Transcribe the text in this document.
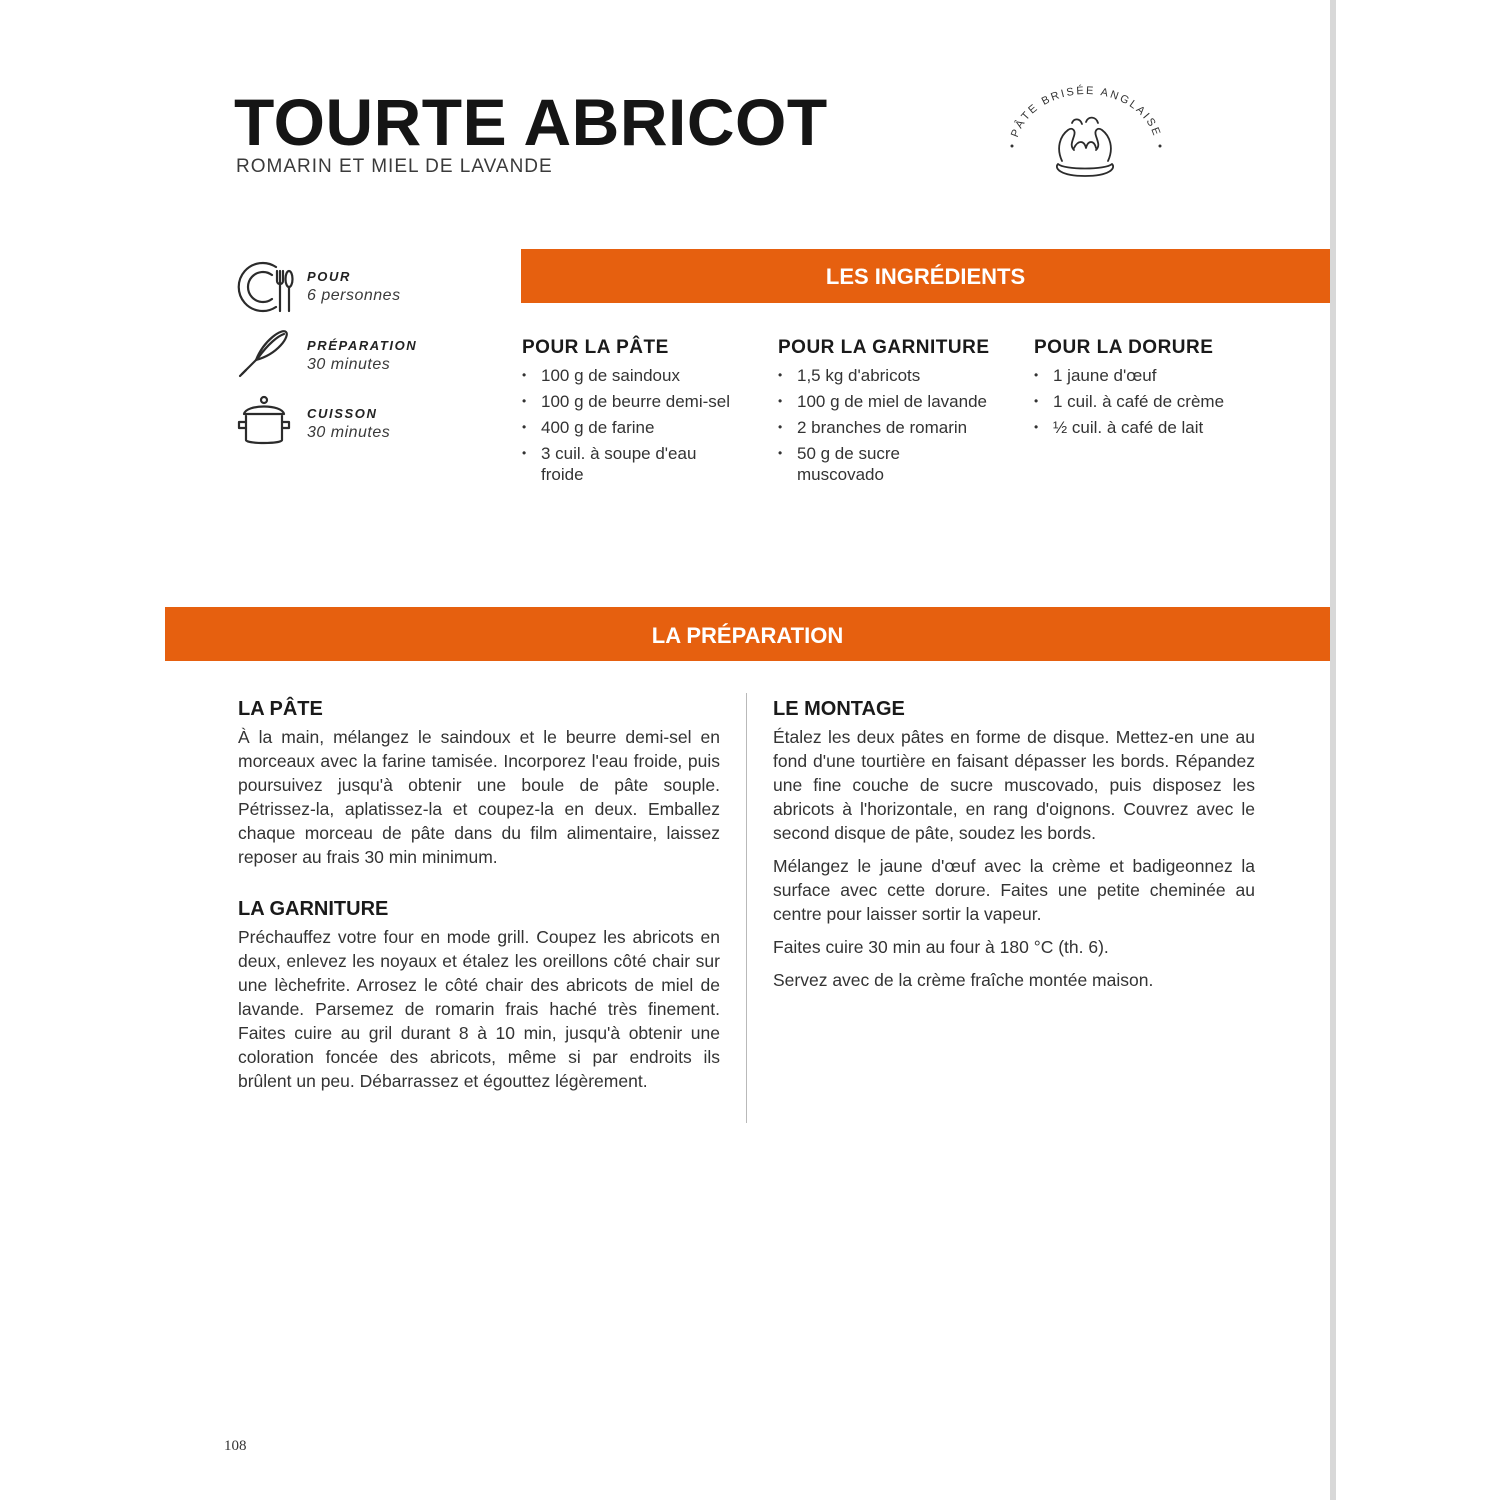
TOURTE ABRICOT

ROMARIN ET MIEL DE LAVANDE

PÂTE BRISÉE ANGLAISE
POUR
6 personnes
PRÉPARATION
30 minutes
CUISSON
30 minutes
LES INGRÉDIENTS
POUR LA PÂTE
• 100 g de saindoux
• 100 g de beurre demi-sel
• 400 g de farine
• 3 cuil. à soupe d'eau froide
POUR LA GARNITURE
• 1,5 kg d'abricots
• 100 g de miel de lavande
• 2 branches de romarin
• 50 g de sucre muscovado
POUR LA DORURE
• 1 jaune d'œuf
• 1 cuil. à café de crème
• ½ cuil. à café de lait
LA PRÉPARATION
LA PÂTE

À la main, mélangez le saindoux et le beurre demi-sel en morceaux avec la farine tamisée. Incorporez l'eau froide, puis poursuivez jusqu'à obtenir une boule de pâte souple. Pétrissez-la, aplatissez-la et coupez-la en deux. Emballez chaque morceau de pâte dans du film alimentaire, laissez reposer au frais 30 min minimum.

LA GARNITURE

Préchauffez votre four en mode grill. Coupez les abricots en deux, enlevez les noyaux et étalez les oreillons côté chair sur une lèchefrite. Arrosez le côté chair des abricots de miel de lavande. Parsemez de romarin frais haché très finement. Faites cuire au gril durant 8 à 10 min, jusqu'à obtenir une coloration foncée des abricots, même si par endroits ils brûlent un peu. Débarrassez et égouttez légèrement.

LE MONTAGE

Étalez les deux pâtes en forme de disque. Mettez-en une au fond d'une tourtière en faisant dépasser les bords. Répandez une fine couche de sucre muscovado, puis disposez les abricots à l'horizontale, en rang d'oignons. Couvrez avec le second disque de pâte, soudez les bords.

Mélangez le jaune d'œuf avec la crème et badigeonnez la surface avec cette dorure. Faites une petite cheminée au centre pour laisser sortir la vapeur.

Faites cuire 30 min au four à 180 °C (th. 6).

Servez avec de la crème fraîche montée maison.

108
